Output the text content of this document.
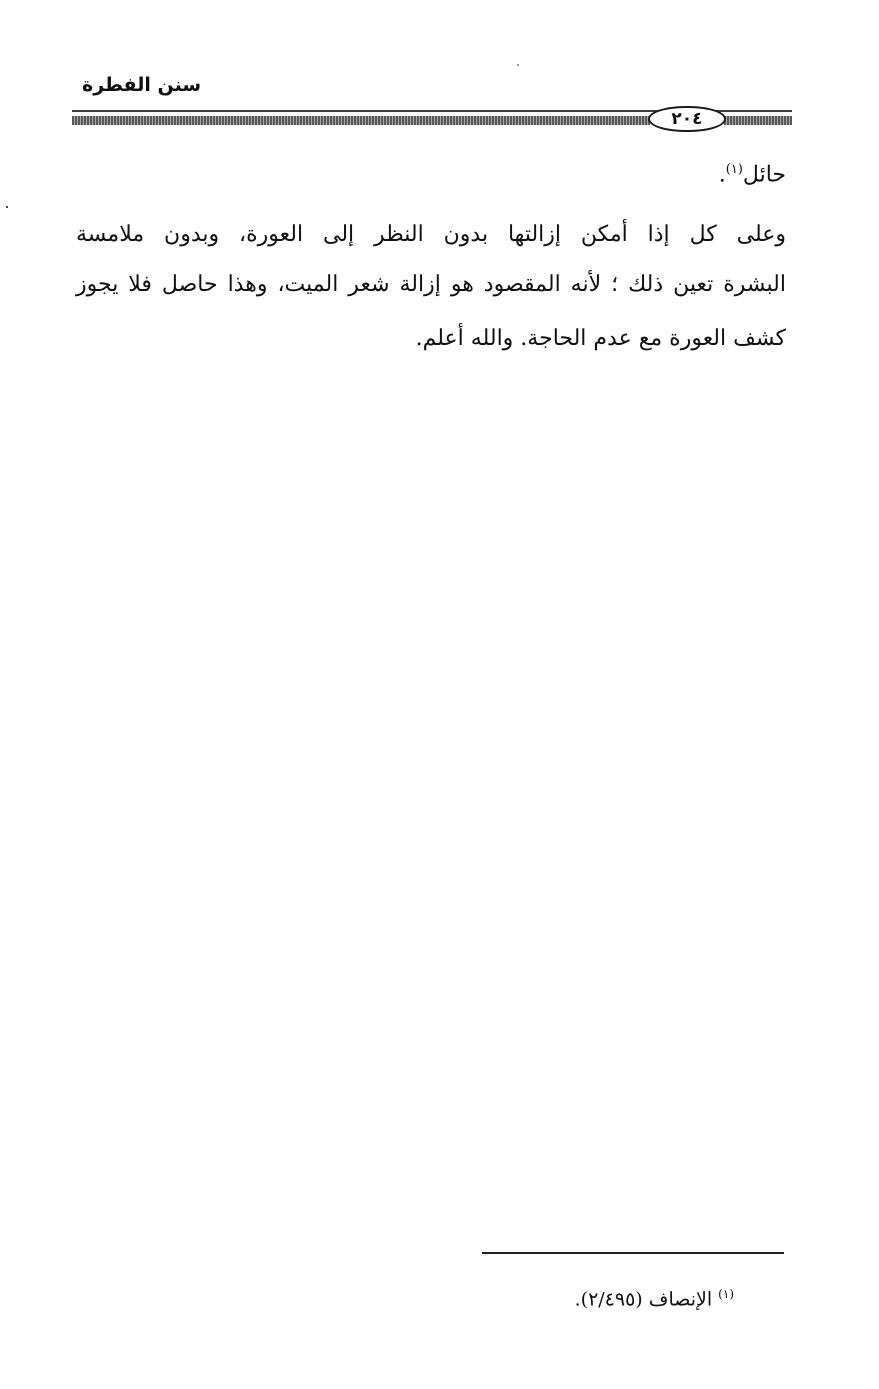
سنن الفطرة
٢٠٤
حائل$^{(١)}$.
وعلى كل إذا أمكن إزالتها بدون النظر إلى العورة، وبدون ملامسة
البشرة تعين ذلك ؛ لأنه المقصود هو إزالة شعر الميت، وهذا حاصل فلا يجوز
كشف العورة مع عدم الحاجة. والله أعلم.
$^{(١)}$ الإنصاف (٢/٤٩٥).
